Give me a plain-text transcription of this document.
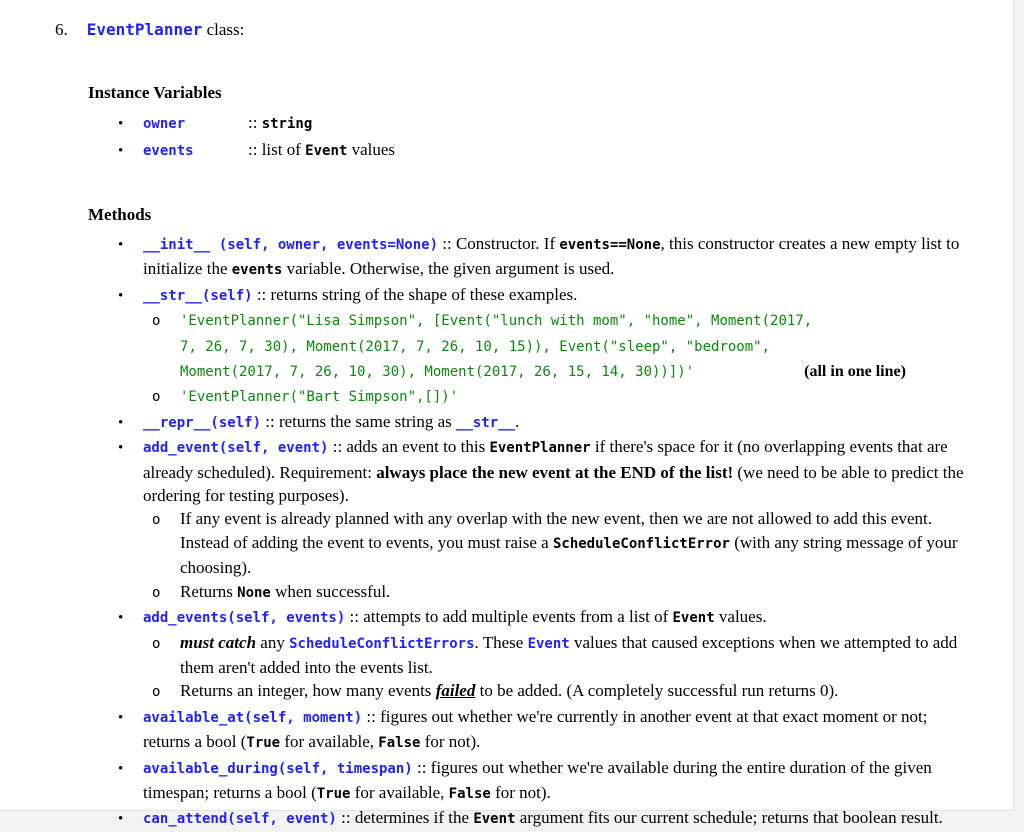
6. EventPlanner class:
Instance Variables
•	owner	:: string
•	events	:: list of Event values
Methods
•	__init__ (self, owner, events=None) :: Constructor. If events==None, this constructor creates a new empty list to initialize the events variable. Otherwise, the given argument is used.
•	__str__(self) :: returns string of the shape of these examples.
o	'EventPlanner("Lisa Simpson", [Event("lunch with mom", "home", Moment(2017,
7, 26, 7, 30), Moment(2017, 7, 26, 10, 15)), Event("sleep", "bedroom",
Moment(2017, 7, 26, 10, 30), Moment(2017, 26, 15, 14, 30))])'	(all in one line)
o	'EventPlanner("Bart Simpson",[])'
•	__repr__(self) :: returns the same string as __str__.
•	add_event(self, event) :: adds an event to this EventPlanner if there's space for it (no overlapping events that are already scheduled). Requirement: always place the new event at the END of the list! (we need to be able to predict the ordering for testing purposes).
o	If any event is already planned with any overlap with the new event, then we are not allowed to add this event. Instead of adding the event to events, you must raise a ScheduleConflictError (with any string message of your choosing).
o	Returns None when successful.
•	add_events(self, events) :: attempts to add multiple events from a list of Event values.
o	must catch any ScheduleConflictErrors. These Event values that caused exceptions when we attempted to add them aren't added into the events list.
o	Returns an integer, how many events failed to be added. (A completely successful run returns 0).
•	available_at(self, moment) :: figures out whether we're currently in another event at that exact moment or not; returns a bool (True for available, False for not).
•	available_during(self, timespan) :: figures out whether we're available during the entire duration of the given timespan; returns a bool (True for available, False for not).
•	can_attend(self, event) :: determines if the Event argument fits our current schedule; returns that boolean result.
